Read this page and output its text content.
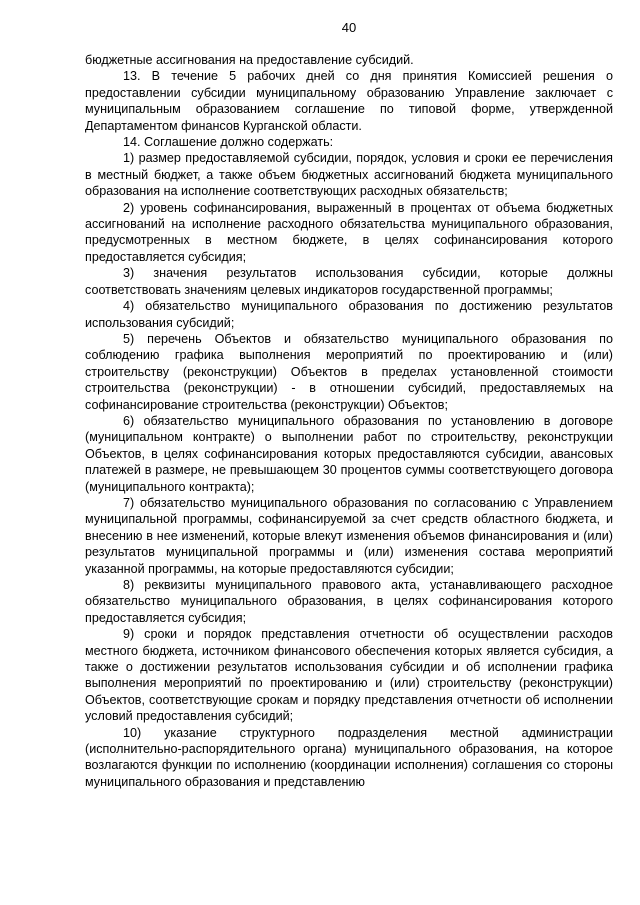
40

бюджетные ассигнования на предоставление субсидий.

13. В течение 5 рабочих дней со дня принятия Комиссией решения о предоставлении субсидии муниципальному образованию Управление заключает с муниципальным образованием соглашение по типовой форме, утвержденной Департаментом финансов Курганской области.

14. Соглашение должно содержать:

1) размер предоставляемой субсидии, порядок, условия и сроки ее перечисления в местный бюджет, а также объем бюджетных ассигнований бюджета муниципального образования на исполнение соответствующих расходных обязательств;

2) уровень софинансирования, выраженный в процентах от объема бюджетных ассигнований на исполнение расходного обязательства муниципального образования, предусмотренных в местном бюджете, в целях софинансирования которого предоставляется субсидия;

3) значения результатов использования субсидии, которые должны соответствовать значениям целевых индикаторов государственной программы;

4) обязательство муниципального образования по достижению результатов использования субсидий;

5) перечень Объектов и обязательство муниципального образования по соблюдению графика выполнения мероприятий по проектированию и (или) строительству (реконструкции) Объектов в пределах установленной стоимости строительства (реконструкции) - в отношении субсидий, предоставляемых на софинансирование строительства (реконструкции) Объектов;

6) обязательство муниципального образования по установлению в договоре (муниципальном контракте) о выполнении работ по строительству, реконструкции Объектов, в целях софинансирования которых предоставляются субсидии, авансовых платежей в размере, не превышающем 30 процентов суммы соответствующего договора (муниципального контракта);

7) обязательство муниципального образования по согласованию с Управлением муниципальной программы, софинансируемой за счет средств областного бюджета, и внесению в нее изменений, которые влекут изменения объемов финансирования и (или) результатов муниципальной программы и (или) изменения состава мероприятий указанной программы, на которые предоставляются субсидии;

8) реквизиты муниципального правового акта, устанавливающего расходное обязательство муниципального образования, в целях софинансирования которого предоставляется субсидия;

9) сроки и порядок представления отчетности об осуществлении расходов местного бюджета, источником финансового обеспечения которых является субсидия, а также о достижении результатов использования субсидии и об исполнении графика выполнения мероприятий по проектированию и (или) строительству (реконструкции) Объектов, соответствующие срокам и порядку представления отчетности об исполнении условий предоставления субсидий;

10) указание структурного подразделения местной администрации (исполнительно-распорядительного органа) муниципального образования, на которое возлагаются функции по исполнению (координации исполнения) соглашения со стороны муниципального образования и представлению
